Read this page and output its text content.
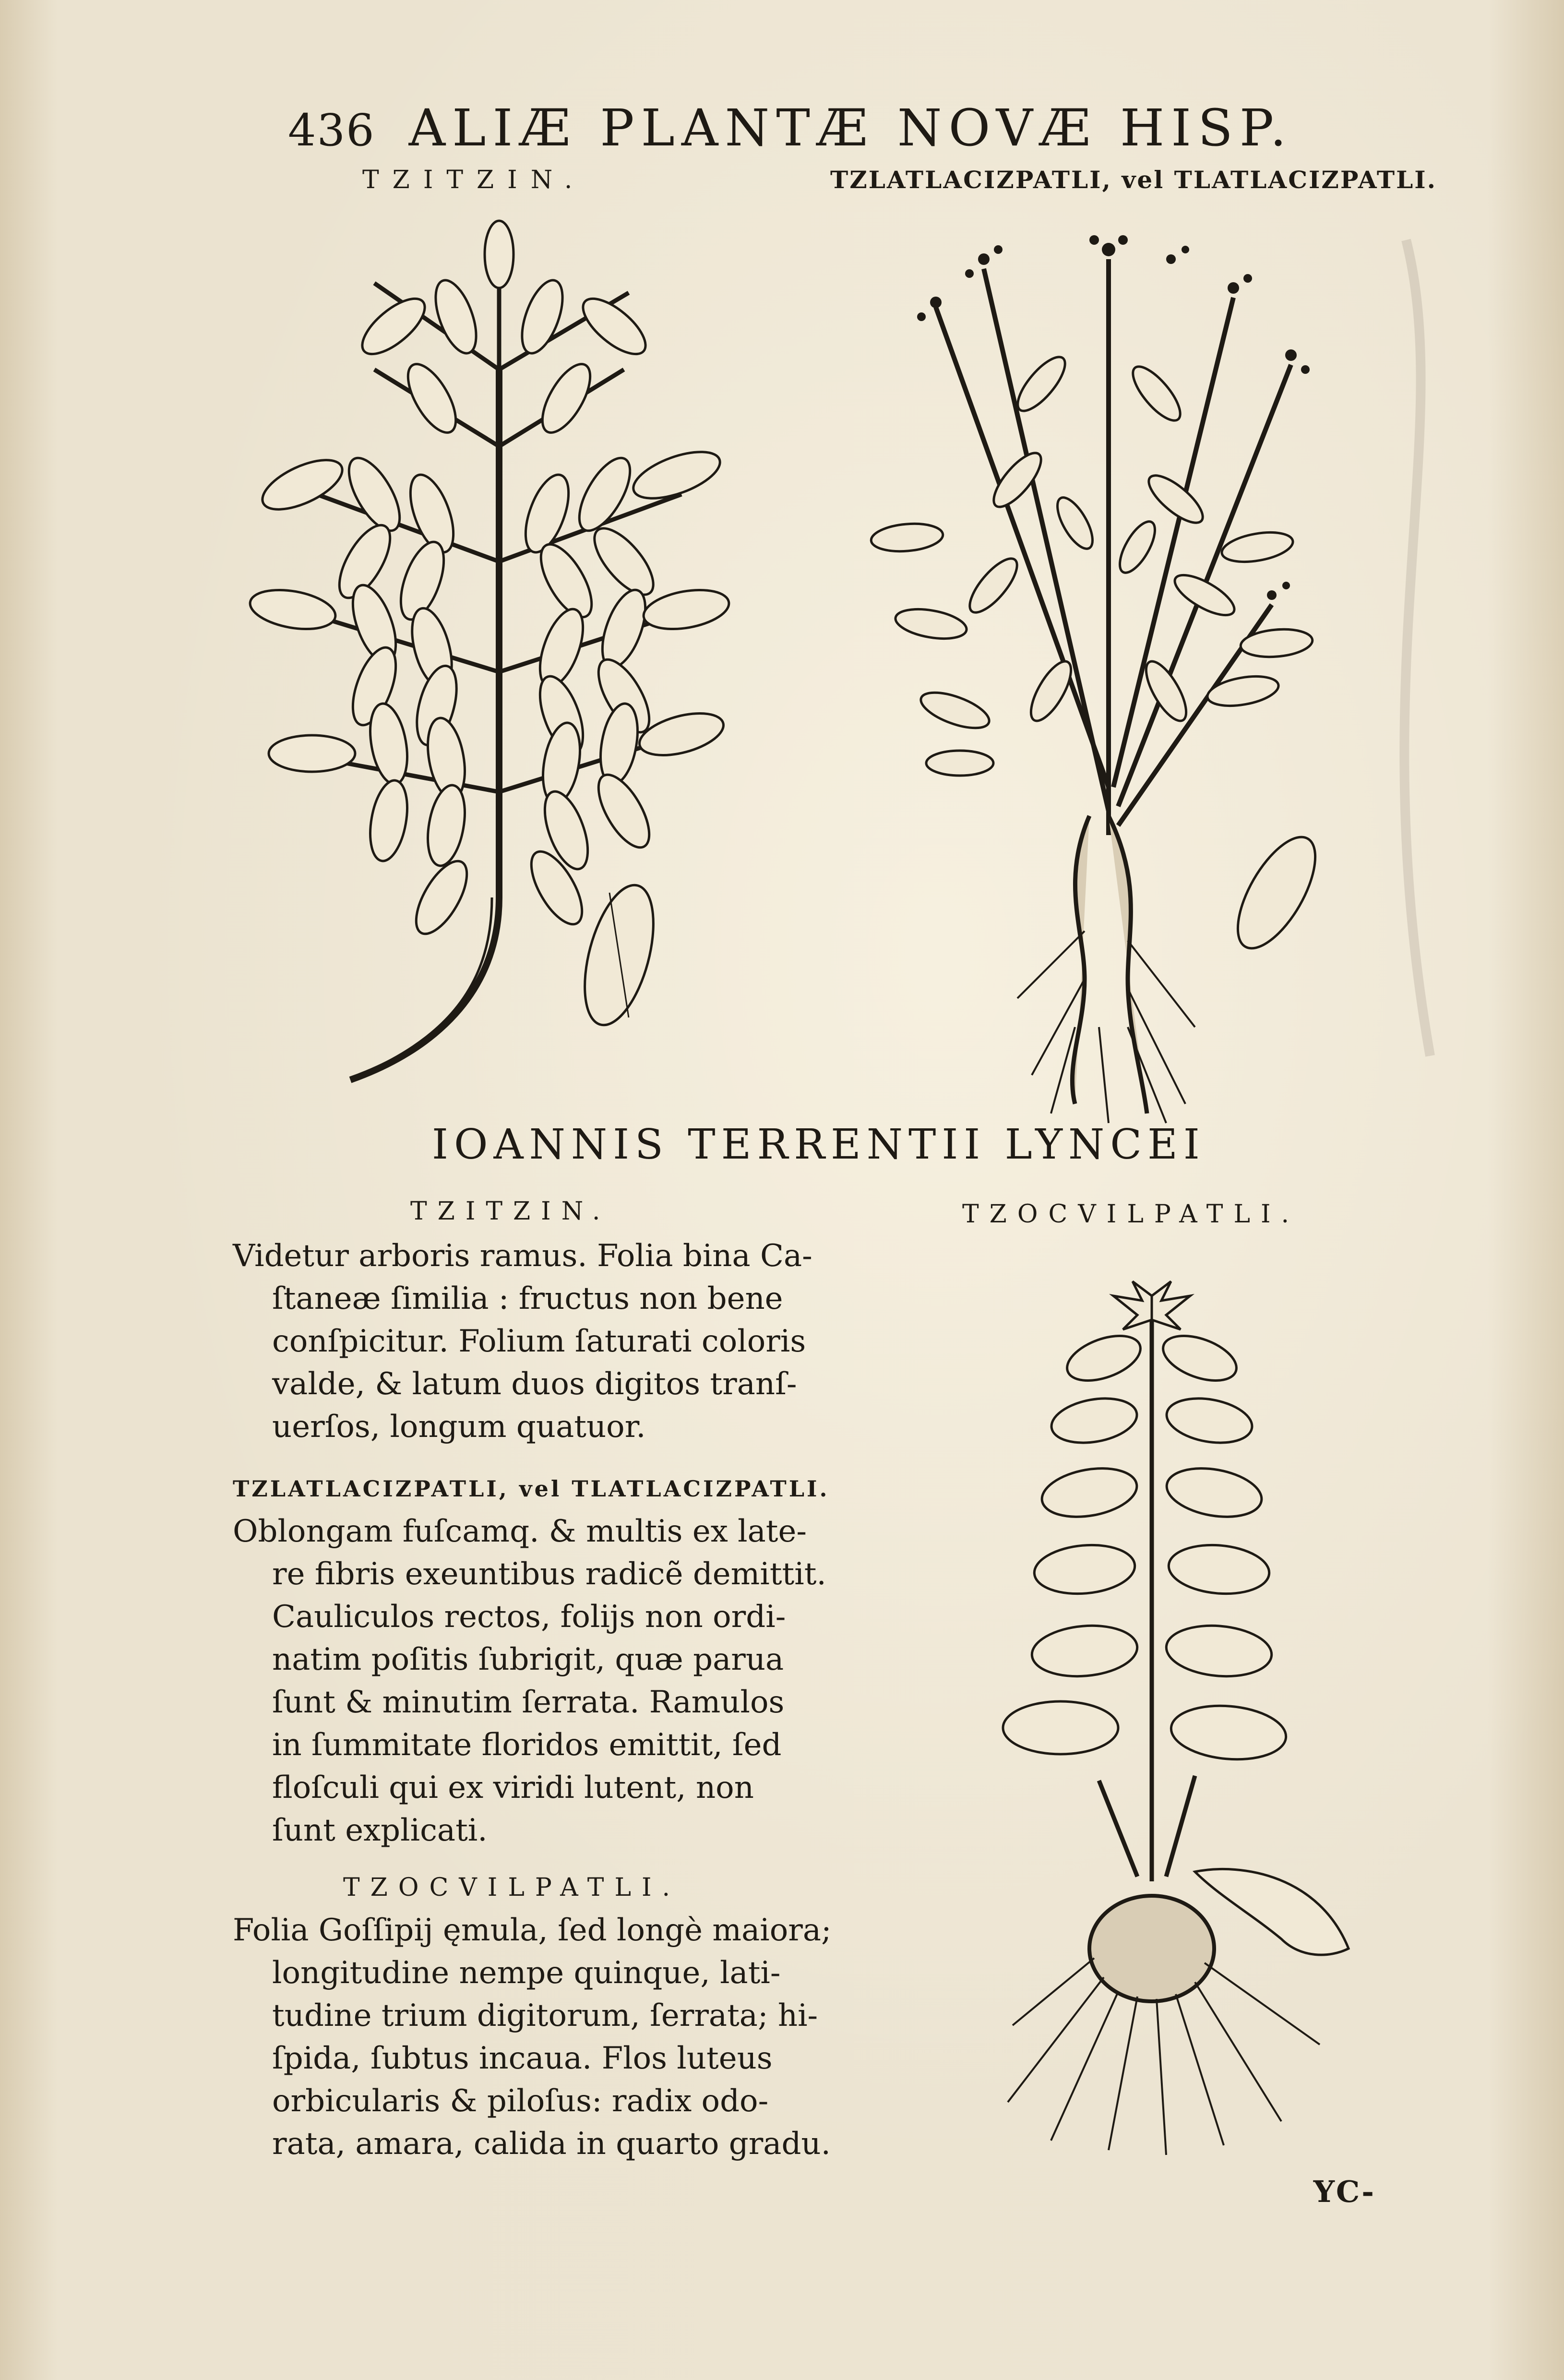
436 ALIÆ PLANTÆ NOVÆ HISP.
TZITZIN.	TZLATLACIZPATLI, vel TLATLACIZPATLI.
IOANNIS TERRENTII LYNCEI
TZOCVILPATLI.
TZITZIN.

Videtur arboris ramus. Folia bina Ca-

ſtaneæ ſimilia : fructus non bene

conſpicitur. Folium ſaturati coloris

valde, & latum duos digitos tranſ-

uerſos, longum quatuor.

TZLATLACIZPATLI, vel TLATLACIZPATLI.

Oblongam fuſcamq. & multis ex late-

re fibris exeuntibus radicẽ demittit.

Cauliculos rectos, folijs non ordi-

natim poſitis ſubrigit, quæ parua

ſunt & minutim ſerrata. Ramulos

in ſummitate floridos emittit, ſed

floſculi qui ex viridi lutent, non

ſunt explicati.

TZOCVILPATLI.

Folia Goſſipij ęmula, ſed longè maiora;

longitudine nempe quinque, lati-

tudine trium digitorum, ſerrata; hi-

ſpida, ſubtus incaua. Flos luteus

orbicularis & piloſus: radix odo-

rata, amara, calida in quarto gradu.

YC-
